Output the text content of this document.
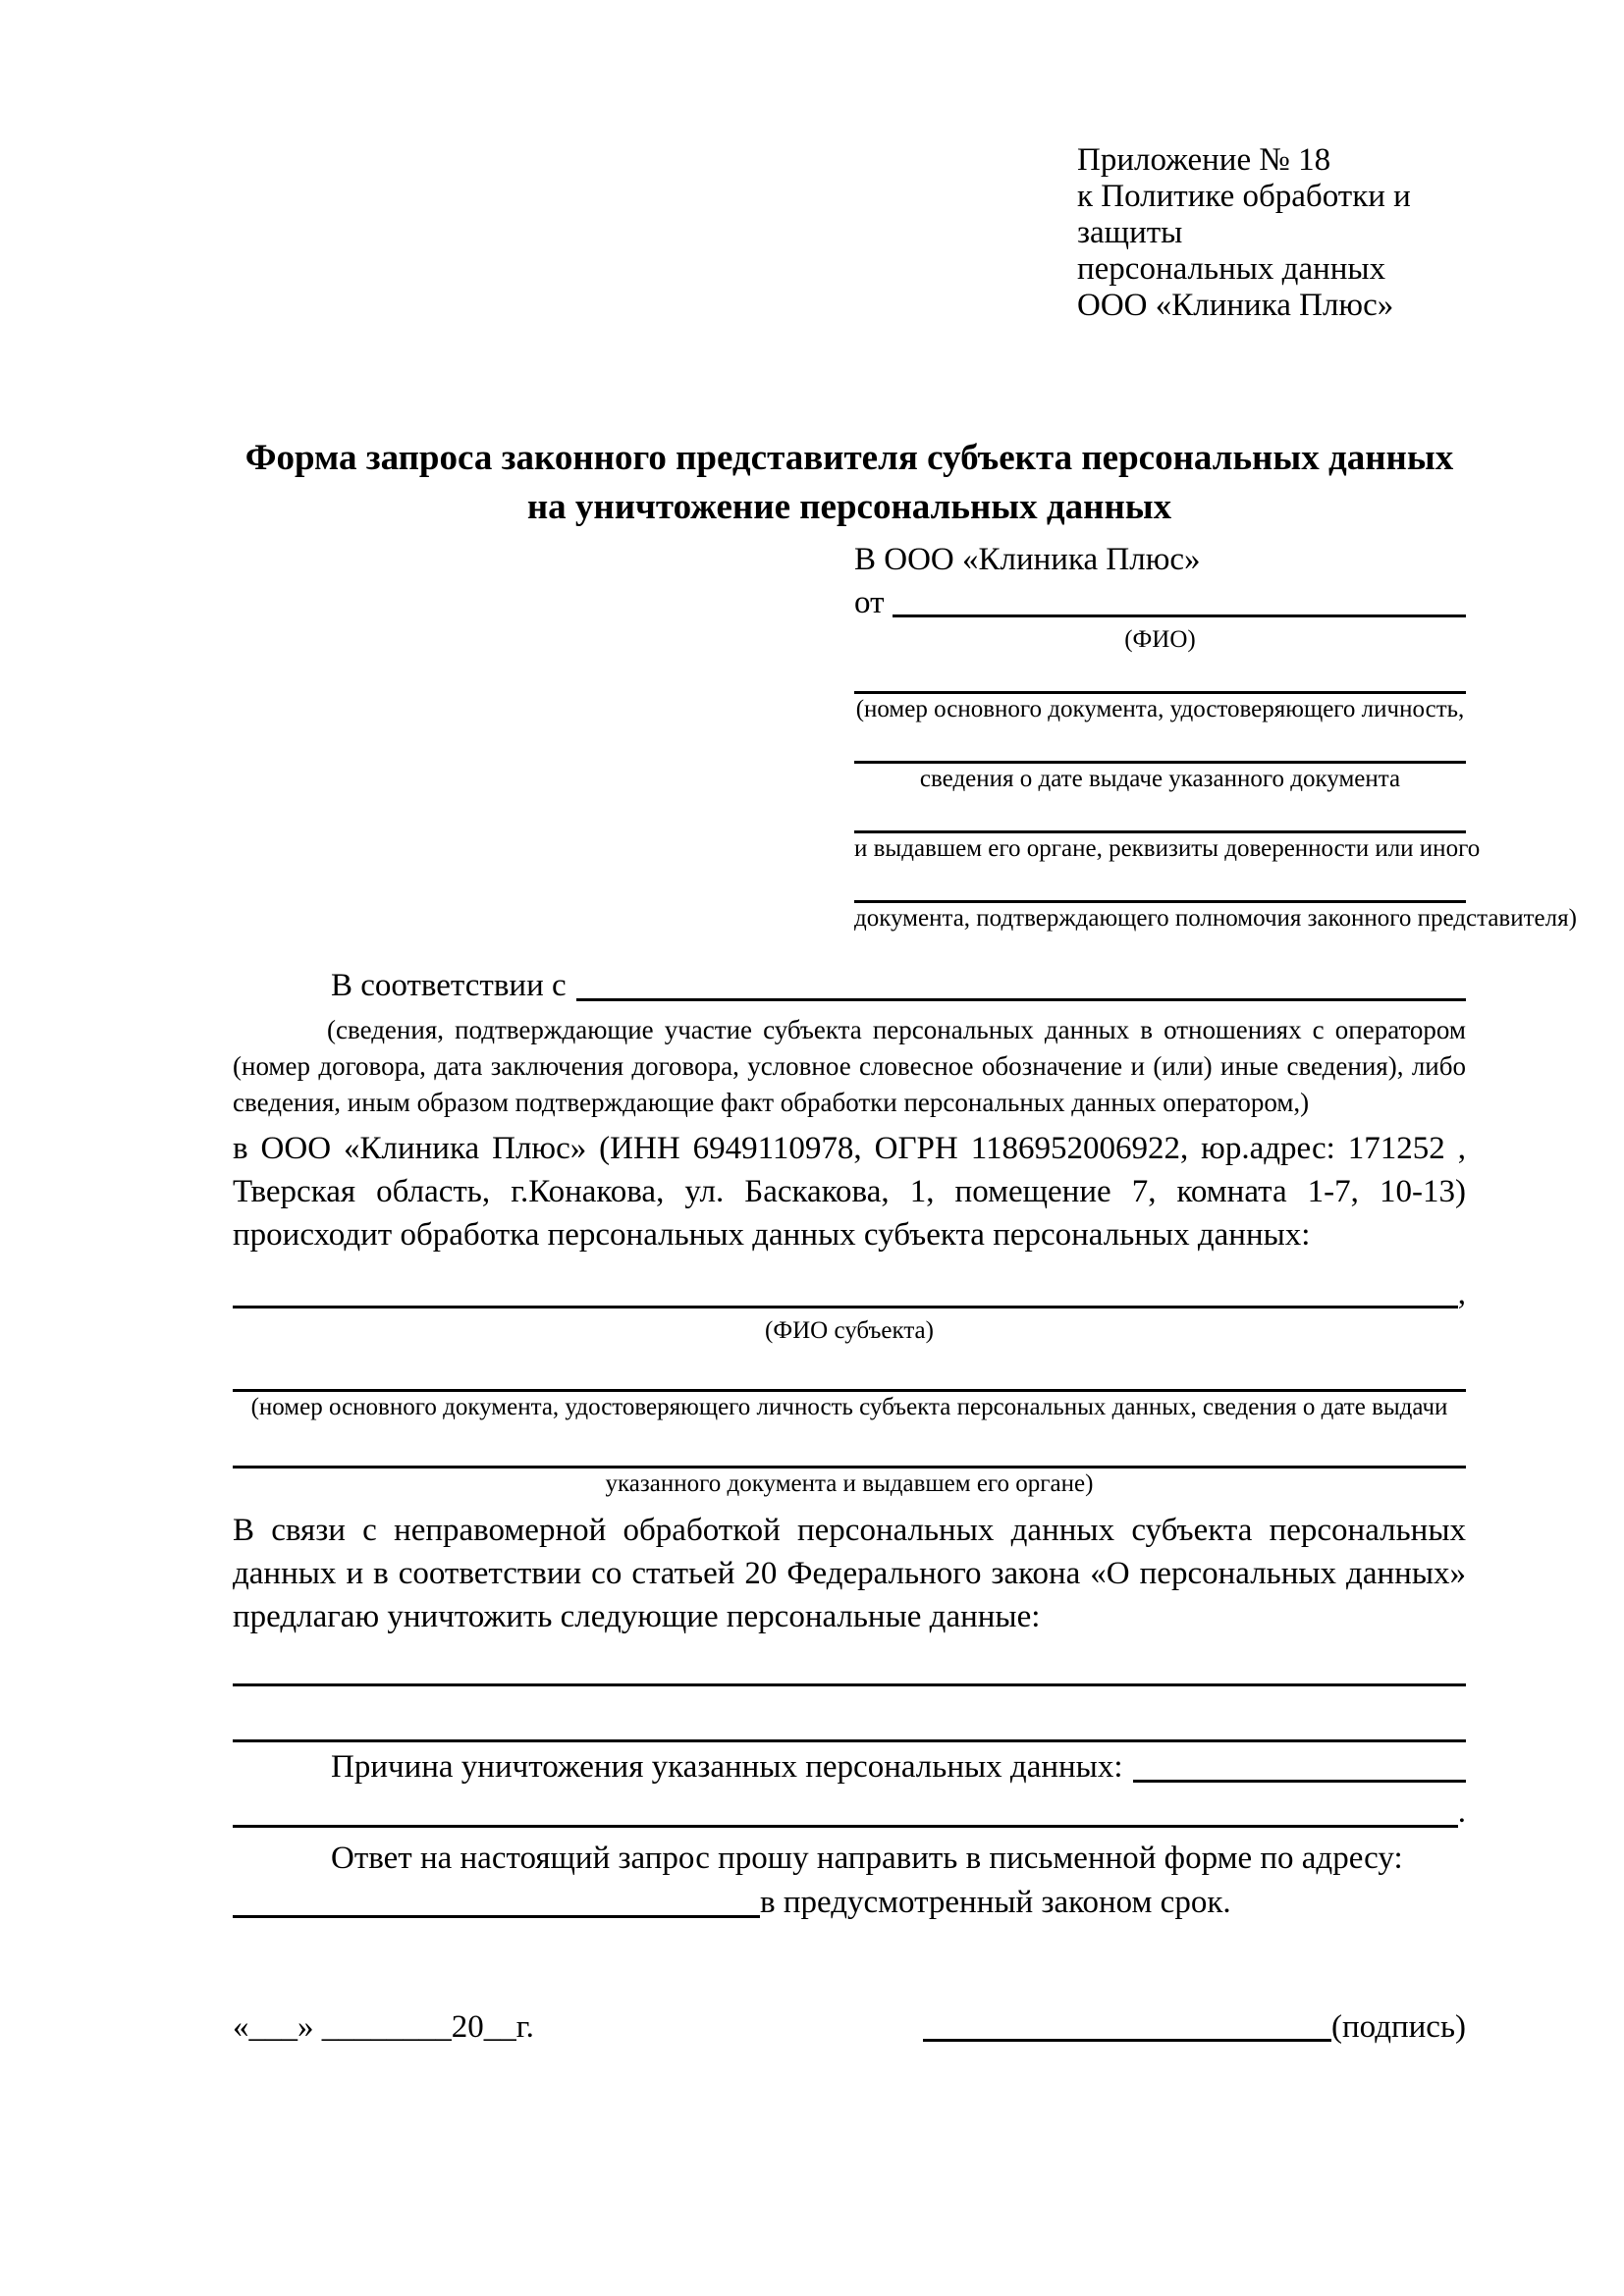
Приложение № 18
к Политике обработки и защиты
персональных данных
ООО «Клиника Плюс»
Форма запроса законного представителя субъекта персональных данных
на уничтожение персональных данных
В ООО «Клиника Плюс»
от
(ФИО)
(номер основного документа, удостоверяющего личность,
сведения о дате выдаче указанного документа
и выдавшем его органе, реквизиты доверенности или иного
документа, подтверждающего полномочия законного представителя)
В соответствии с
(сведения, подтверждающие участие субъекта персональных данных в отношениях с оператором (номер договора, дата заключения договора, условное словесное обозначение и (или) иные сведения), либо сведения, иным образом подтверждающие факт обработки персональных данных оператором,)
в ООО «Клиника Плюс» (ИНН 6949110978, ОГРН 1186952006922, юр.адрес: 171252 , Тверская область, г.Конакова, ул. Баскакова, 1, помещение 7, комната 1-7, 10-13) происходит обработка персональных данных субъекта персональных данных:
,
(ФИО субъекта)
(номер основного документа, удостоверяющего личность субъекта персональных данных, сведения о дате выдачи
указанного документа и выдавшем его органе)
В связи с неправомерной обработкой персональных данных субъекта персональных данных и в соответствии со статьей 20 Федерального закона «О персональных данных» предлагаю уничтожить следующие персональные данные:
Причина уничтожения указанных персональных данных:
.
Ответ на настоящий запрос прошу направить в письменной форме по адресу:
в предусмотренный законом срок.
«___» ________20__г.	(подпись)
